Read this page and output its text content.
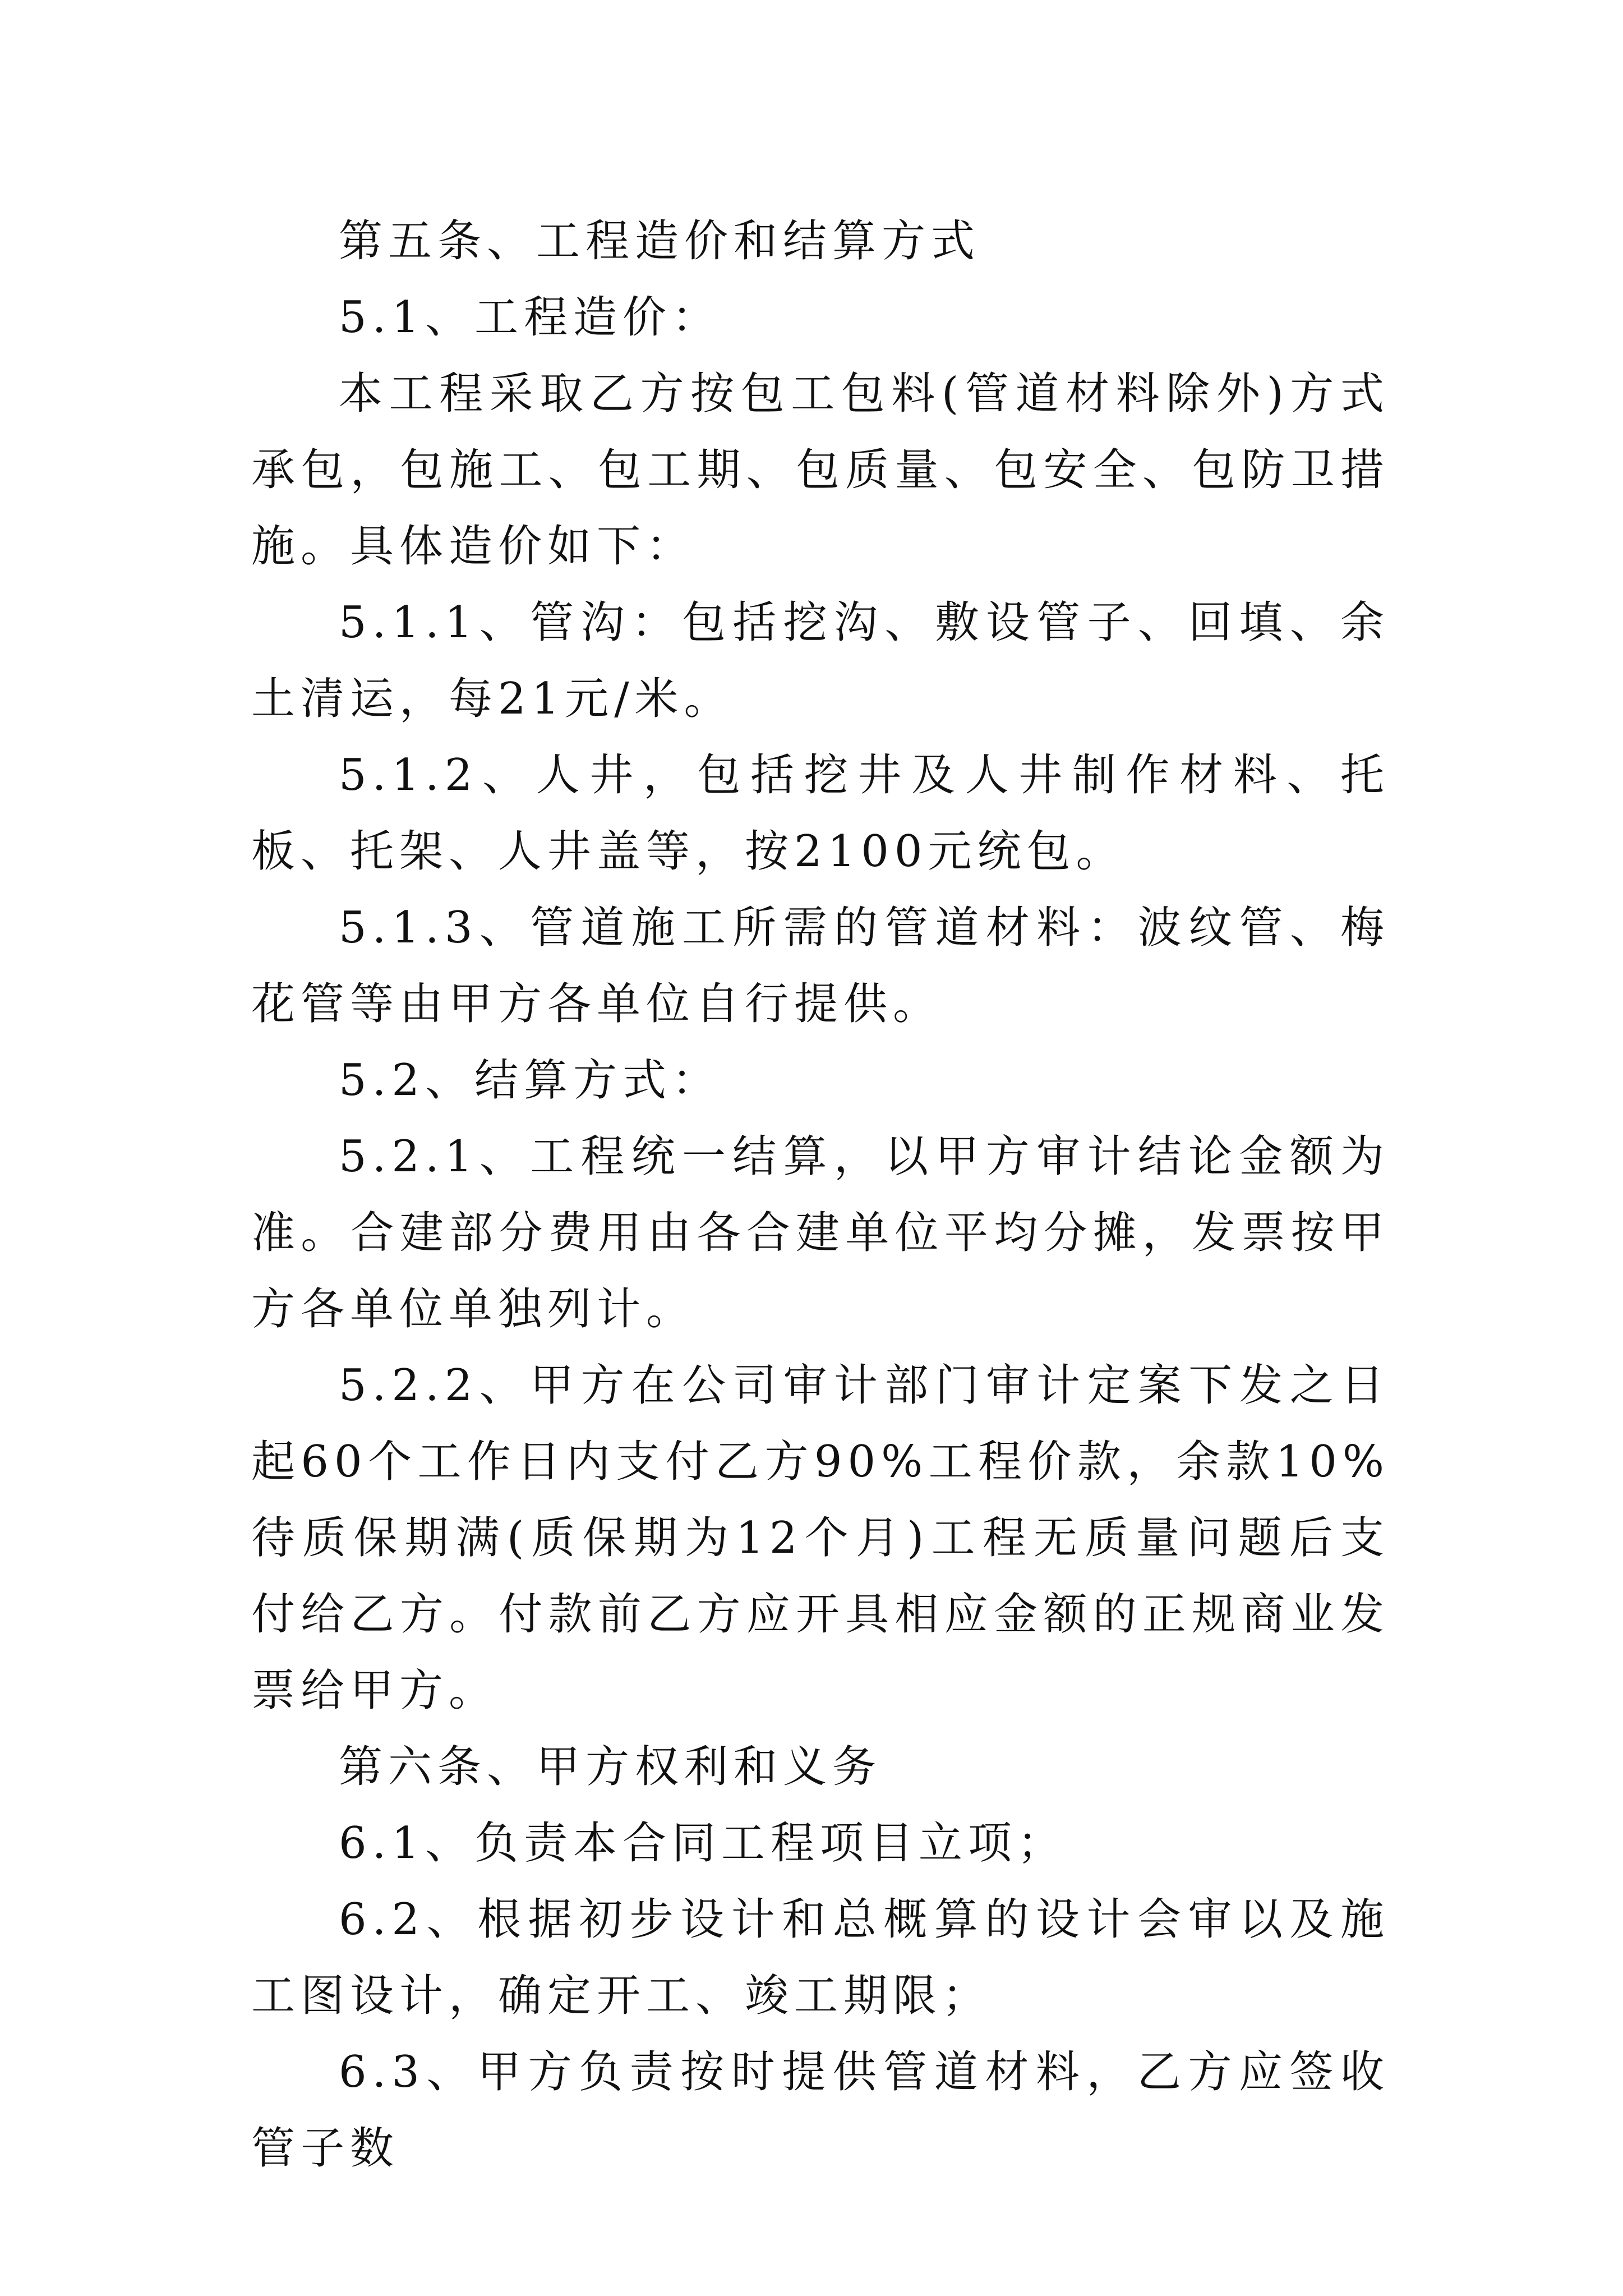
第五条、工程造价和结算方式

5.1、工程造价：

本工程采取乙方按包工包料(管道材料除外)方式承包，包施工、包工期、包质量、包安全、包防卫措施。具体造价如下：

5.1.1、管沟：包括挖沟、敷设管子、回填、余土清运，每21元/米。

5.1.2、人井，包括挖井及人井制作材料、托板、托架、人井盖等，按2100元统包。

5.1.3、管道施工所需的管道材料：波纹管、梅花管等由甲方各单位自行提供。

5.2、结算方式：

5.2.1、工程统一结算，以甲方审计结论金额为准。合建部分费用由各合建单位平均分摊，发票按甲方各单位单独列计。

5.2.2、甲方在公司审计部门审计定案下发之日起60个工作日内支付乙方90%工程价款，余款10%待质保期满(质保期为12个月)工程无质量问题后支付给乙方。付款前乙方应开具相应金额的正规商业发票给甲方。

第六条、甲方权利和义务

6.1、负责本合同工程项目立项；

6.2、根据初步设计和总概算的设计会审以及施工图设计，确定开工、竣工期限；

6.3、甲方负责按时提供管道材料，乙方应签收管子数
